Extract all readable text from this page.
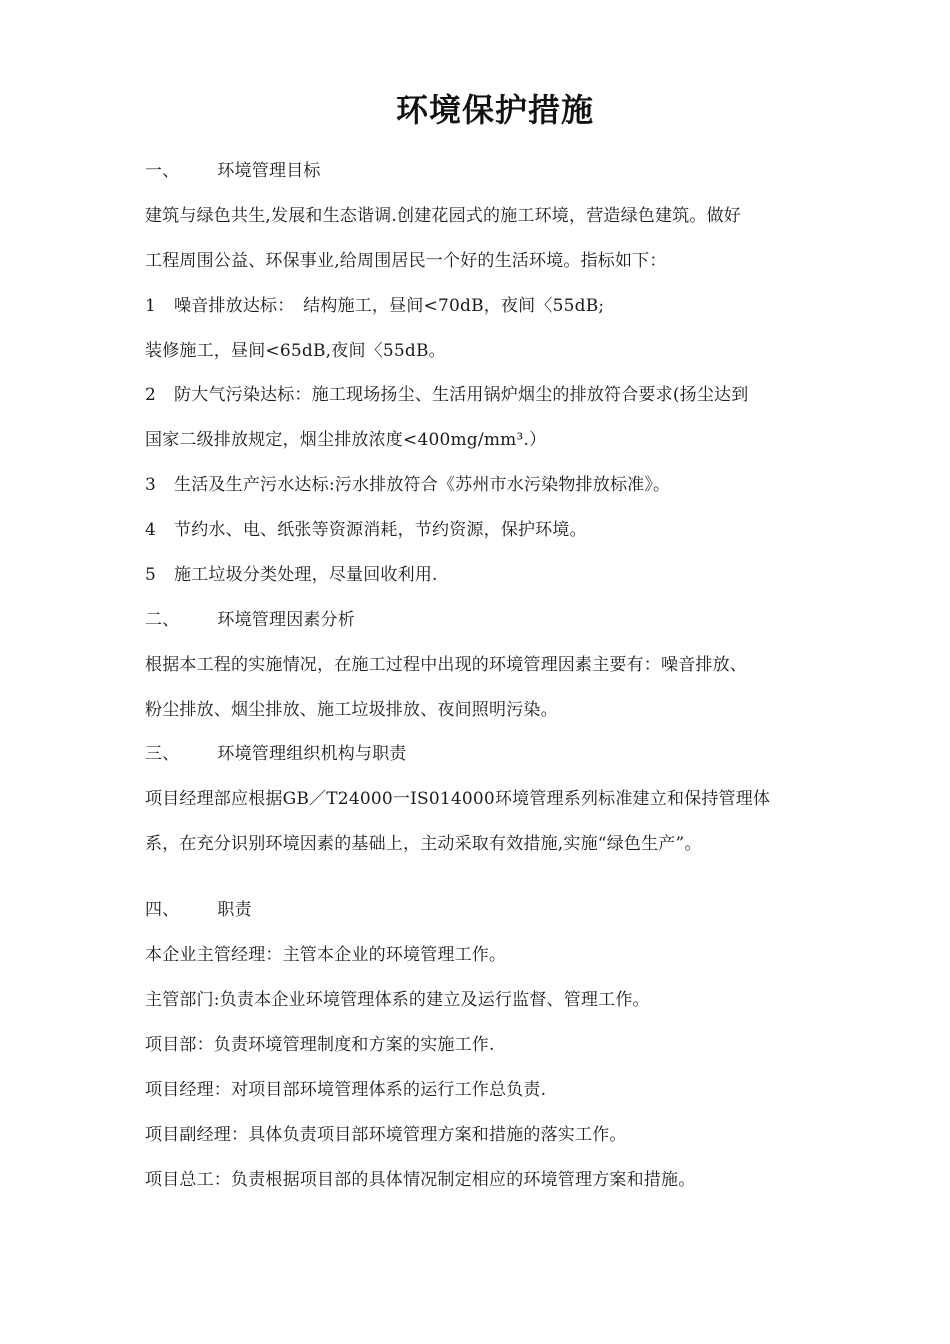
环境保护措施
一、 环境管理目标
建筑与绿色共生,发展和生态谐调.创建花园式的施工环境，营造绿色建筑。做好
工程周围公益、环保事业,给周围居民一个好的生活环境。指标如下：
1 噪音排放达标：　结构施工，昼间<70dB，夜间〈55dB;
装修施工，昼间<65dB,夜间〈55dB。
2 防大气污染达标：施工现场扬尘、生活用锅炉烟尘的排放符合要求(扬尘达到
国家二级排放规定，烟尘排放浓度<400mg/mm³.）
3 生活及生产污水达标:污水排放符合《苏州市水污染物排放标准》。
4 节约水、电、纸张等资源消耗，节约资源，保护环境。
5 施工垃圾分类处理，尽量回收利用.
二、 环境管理因素分析
根据本工程的实施情况，在施工过程中出现的环境管理因素主要有：噪音排放、
粉尘排放、烟尘排放、施工垃圾排放、夜间照明污染。
三、 环境管理组织机构与职责
项目经理部应根据GB／T24000一IS014000环境管理系列标准建立和保持管理体
系，在充分识别环境因素的基础上，主动采取有效措施,实施“绿色生产”。
四、 职责
本企业主管经理：主管本企业的环境管理工作。
主管部门:负责本企业环境管理体系的建立及运行监督、管理工作。
项目部：负责环境管理制度和方案的实施工作.
项目经理：对项目部环境管理体系的运行工作总负责.
项目副经理：具体负责项目部环境管理方案和措施的落实工作。
项目总工：负责根据项目部的具体情况制定相应的环境管理方案和措施。
